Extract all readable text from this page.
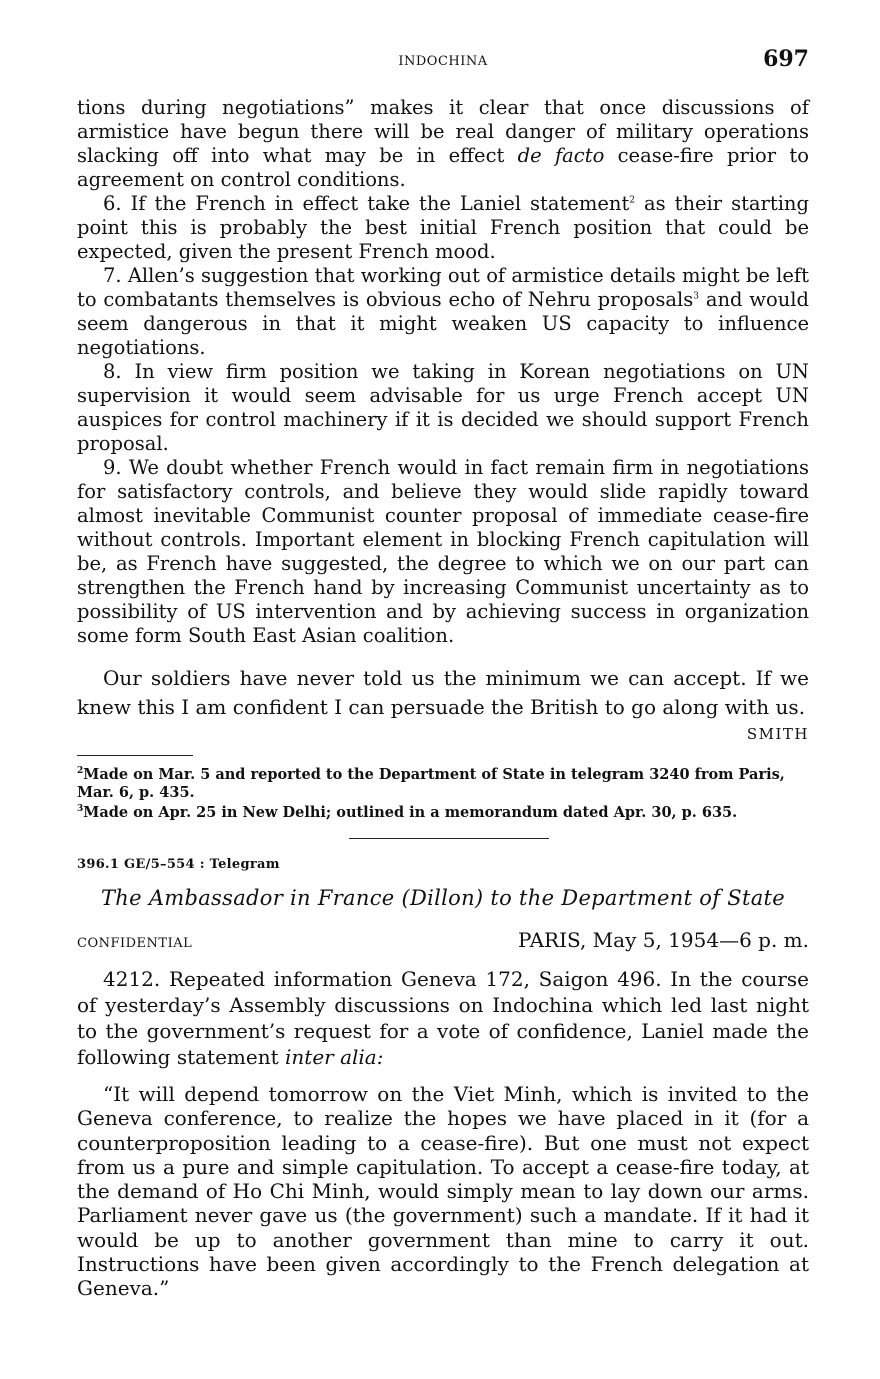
INDOCHINA	697

tions during negotiations” makes it clear that once discussions of armistice have begun there will be real danger of military operations slacking off into what may be in effect de facto cease-fire prior to agreement on control conditions.

6. If the French in effect take the Laniel statement$^2$ as their starting point this is probably the best initial French position that could be expected, given the present French mood.

7. Allen’s suggestion that working out of armistice details might be left to combatants themselves is obvious echo of Nehru proposals$^3$ and would seem dangerous in that it might weaken US capacity to influence negotiations.

8. In view firm position we taking in Korean negotiations on UN supervision it would seem advisable for us urge French accept UN auspices for control machinery if it is decided we should support French proposal.

9. We doubt whether French would in fact remain firm in negotiations for satisfactory controls, and believe they would slide rapidly toward almost inevitable Communist counter proposal of immediate cease-fire without controls. Important element in blocking French capitulation will be, as French have suggested, the degree to which we on our part can strengthen the French hand by increasing Communist uncertainty as to possibility of US intervention and by achieving success in organization some form South East Asian coalition.

Our soldiers have never told us the minimum we can accept. If we knew this I am confident I can persuade the British to go along with us.

SMITH

$^2$Made on Mar. 5 and reported to the Department of State in telegram 3240 from Paris, Mar. 6, p. 435.

$^3$Made on Apr. 25 in New Delhi; outlined in a memorandum dated Apr. 30, p. 635.

396.1 GE/5–554 : Telegram
The Ambassador in France (Dillon) to the Department of State
CONFIDENTIAL	PARIS, May 5, 1954—6 p. m.

4212. Repeated information Geneva 172, Saigon 496. In the course of yesterday’s Assembly discussions on Indochina which led last night to the government’s request for a vote of confidence, Laniel made the following statement inter alia:

“It will depend tomorrow on the Viet Minh, which is invited to the Geneva conference, to realize the hopes we have placed in it (for a counterproposition leading to a cease-fire). But one must not expect from us a pure and simple capitulation. To accept a cease-fire today, at the demand of Ho Chi Minh, would simply mean to lay down our arms. Parliament never gave us (the government) such a mandate. If it had it would be up to another government than mine to carry it out. Instructions have been given accordingly to the French delegation at Geneva.”
